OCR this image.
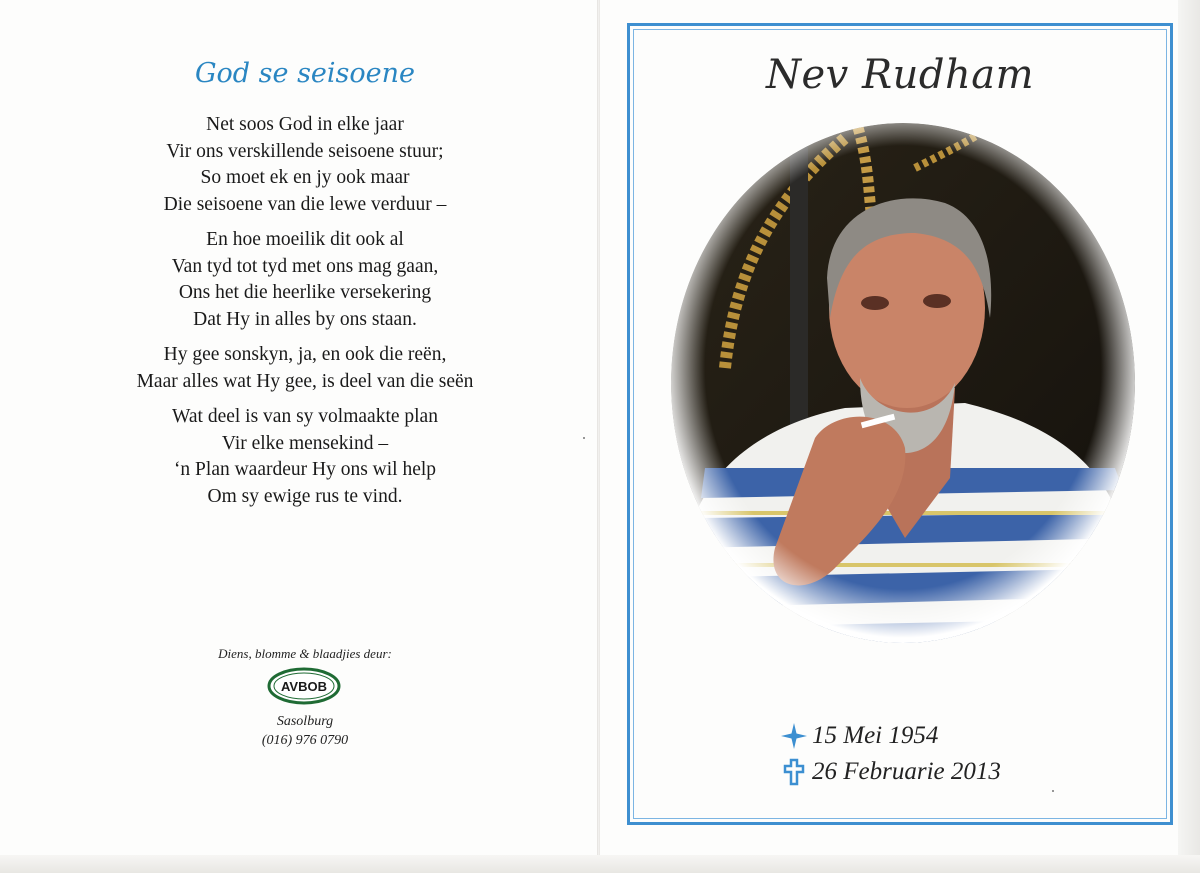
God se seisoene
Net soos God in elke jaar
Vir ons verskillende seisoene stuur;
So moet ek en jy ook maar
Die seisoene van die lewe verduur –
En hoe moeilik dit ook al
Van tyd tot tyd met ons mag gaan,
Ons het die heerlike versekering
Dat Hy in alles by ons staan.
Hy gee sonskyn, ja, en ook die reën,
Maar alles wat Hy gee, is deel van die seën
Wat deel is van sy volmaakte plan
Vir elke mensekind –
‘n Plan waardeur Hy ons wil help
Om sy ewige rus te vind.
Diens, blomme & blaadjies deur:
AVBOB
Sasolburg
(016) 976 0790
Nev Rudham
15 Mei 1954
26 Februarie 2013
